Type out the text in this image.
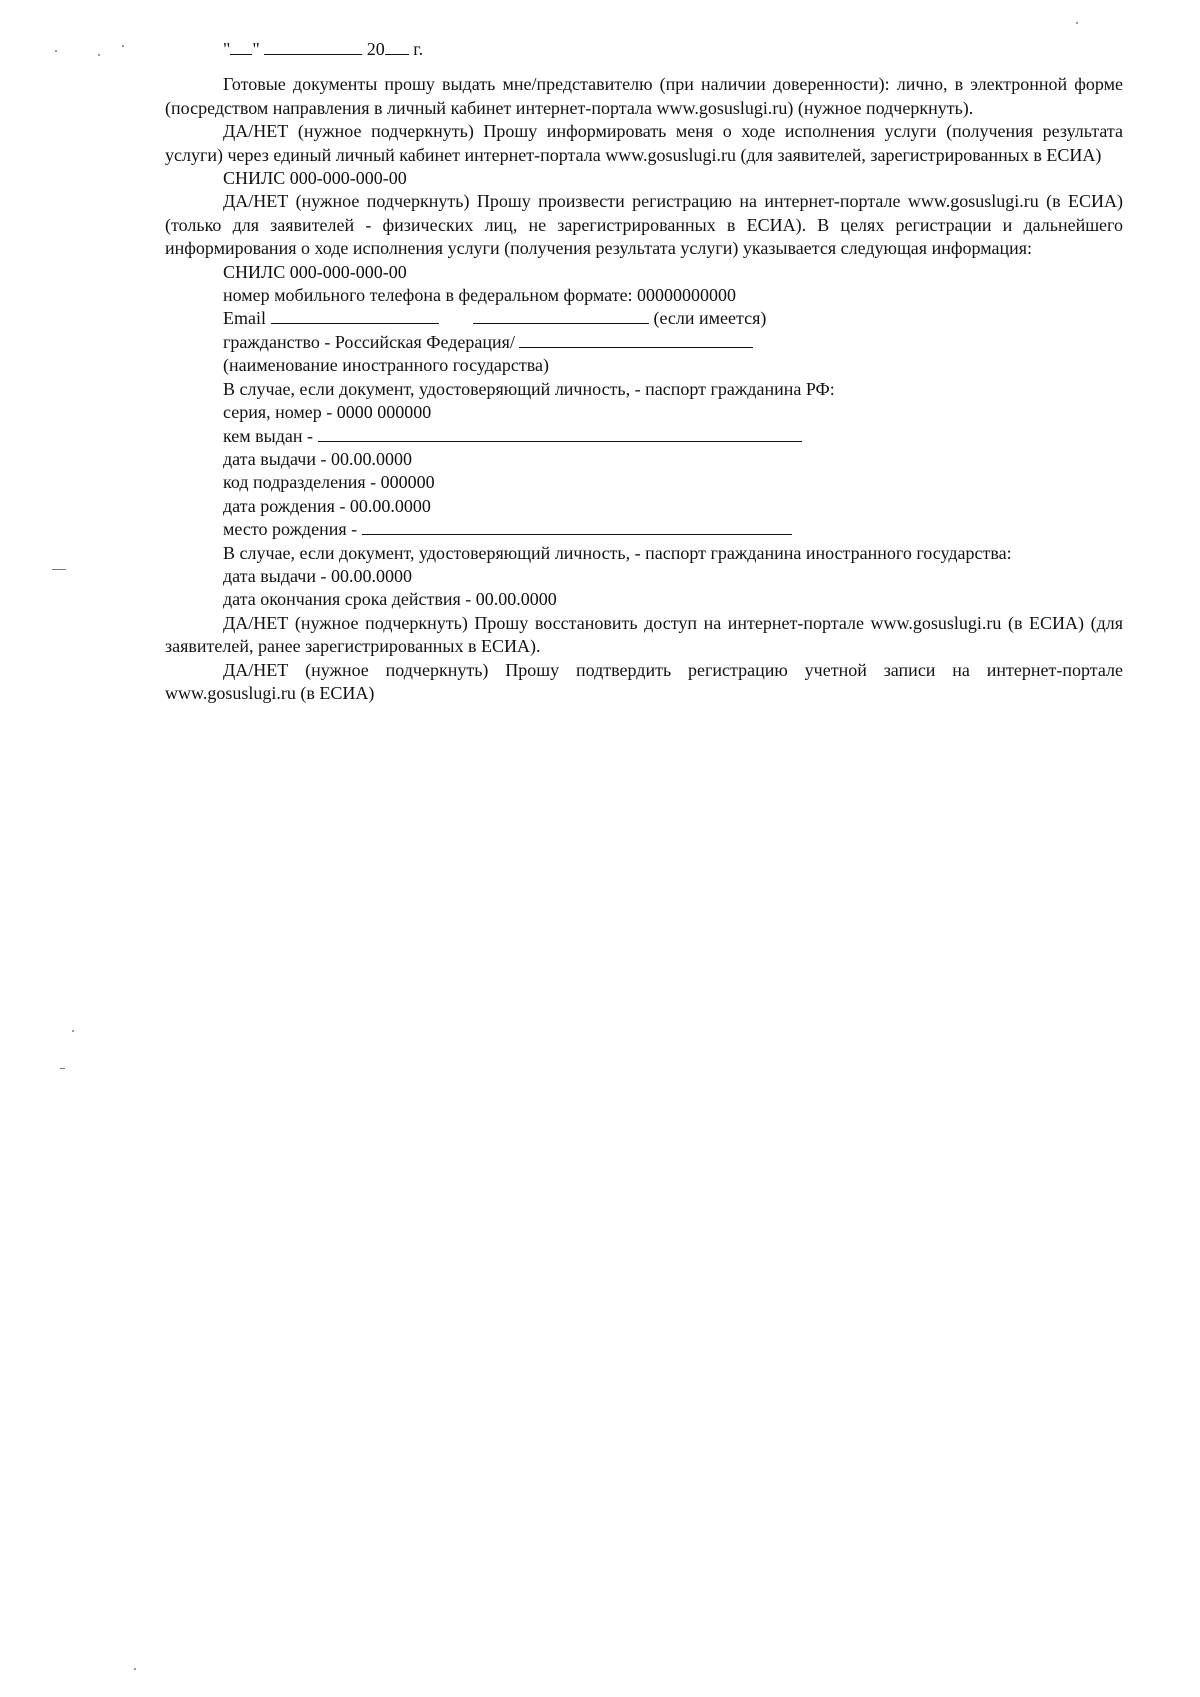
" "	20 г.

Готовые документы прошу выдать мне/представителю (при наличии доверенности): лично, в электронной форме (посредством направления в личный кабинет интернет-портала www.gosuslugi.ru) (нужное подчеркнуть).

ДА/НЕТ (нужное подчеркнуть) Прошу информировать меня о ходе исполнения услуги (получения результата услуги) через единый личный кабинет интернет-портала www.gosuslugi.ru (для заявителей, зарегистрированных в ЕСИА)

СНИЛС 000-000-000-00

ДА/НЕТ (нужное подчеркнуть) Прошу произвести регистрацию на интернет-портале www.gosuslugi.ru (в ЕСИА) (только для заявителей - физических лиц, не зарегистрированных в ЕСИА). В целях регистрации и дальнейшего информирования о ходе исполнения услуги (получения результата услуги) указывается следующая информация:

СНИЛС 000-000-000-00
номер мобильного телефона в федеральном формате: 00000000000
Email	(если имеется)
гражданство - Российская Федерация/
(наименование иностранного государства)
В случае, если документ, удостоверяющий личность, - паспорт гражданина РФ:
серия, номер - 0000 000000
кем выдан -
дата выдачи - 00.00.0000
код подразделения - 000000
дата рождения - 00.00.0000
место рождения -
В случае, если документ, удостоверяющий личность, - паспорт гражданина иностранного государства:
дата выдачи - 00.00.0000
дата окончания срока действия - 00.00.0000

ДА/НЕТ (нужное подчеркнуть) Прошу восстановить доступ на интернет-портале www.gosuslugi.ru (в ЕСИА) (для заявителей, ранее зарегистрированных в ЕСИА).

ДА/НЕТ (нужное подчеркнуть) Прошу подтвердить регистрацию учетной записи на интернет-портале www.gosuslugi.ru (в ЕСИА)
